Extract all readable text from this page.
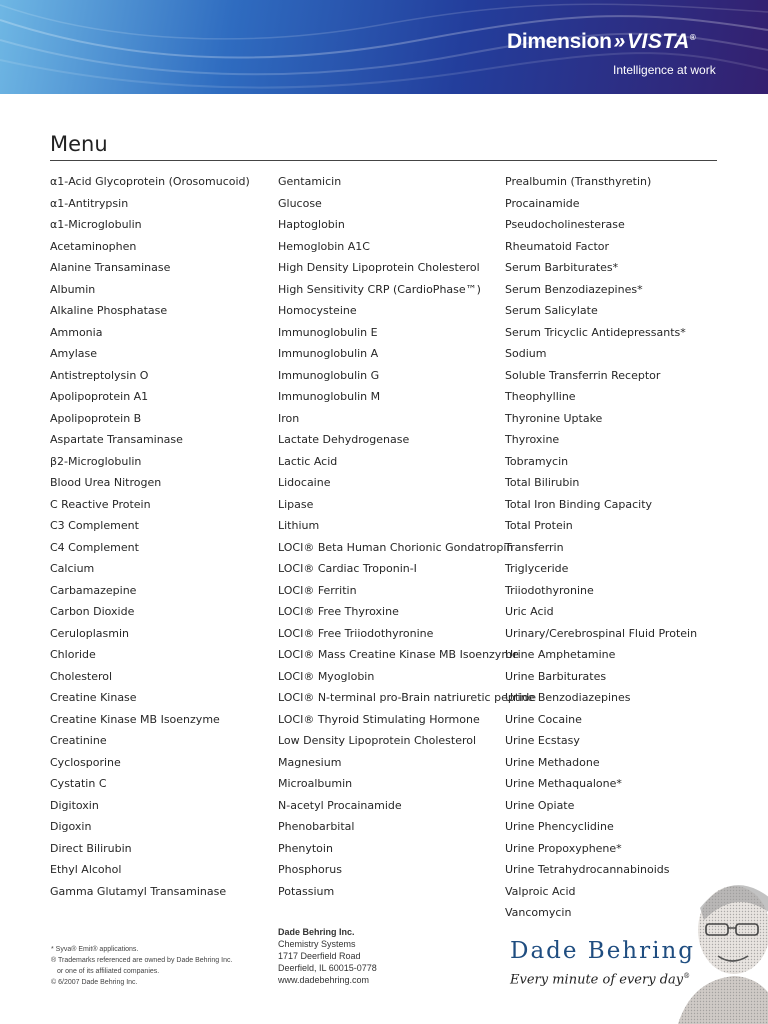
Dimension»VISTA®
Intelligence at work
Menu
α1-Acid Glycoprotein (Orosomucoid)
α1-Antitrypsin
α1-Microglobulin
Acetaminophen
Alanine Transaminase
Albumin
Alkaline Phosphatase
Ammonia
Amylase
Antistreptolysin O
Apolipoprotein A1
Apolipoprotein B
Aspartate Transaminase
β2-Microglobulin
Blood Urea Nitrogen
C Reactive Protein
C3 Complement
C4 Complement
Calcium
Carbamazepine
Carbon Dioxide
Ceruloplasmin
Chloride
Cholesterol
Creatine Kinase
Creatine Kinase MB Isoenzyme
Creatinine
Cyclosporine
Cystatin C
Digitoxin
Digoxin
Direct Bilirubin
Ethyl Alcohol
Gamma Glutamyl Transaminase
Gentamicin
Glucose
Haptoglobin
Hemoglobin A1C
High Density Lipoprotein Cholesterol
High Sensitivity CRP (CardioPhase™)
Homocysteine
Immunoglobulin E
Immunoglobulin A
Immunoglobulin G
Immunoglobulin M
Iron
Lactate Dehydrogenase
Lactic Acid
Lidocaine
Lipase
Lithium
LOCI® Beta Human Chorionic Gondatropin
LOCI® Cardiac Troponin-I
LOCI® Ferritin
LOCI® Free Thyroxine
LOCI® Free Triiodothyronine
LOCI® Mass Creatine Kinase MB Isoenzyme
LOCI® Myoglobin
LOCI® N-terminal pro-Brain natriuretic peptide
LOCI® Thyroid Stimulating Hormone
Low Density Lipoprotein Cholesterol
Magnesium
Microalbumin
N-acetyl Procainamide
Phenobarbital
Phenytoin
Phosphorus
Potassium
Prealbumin (Transthyretin)
Procainamide
Pseudocholinesterase
Rheumatoid Factor
Serum Barbiturates*
Serum Benzodiazepines*
Serum Salicylate
Serum Tricyclic Antidepressants*
Sodium
Soluble Transferrin Receptor
Theophylline
Thyronine Uptake
Thyroxine
Tobramycin
Total Bilirubin
Total Iron Binding Capacity
Total Protein
Transferrin
Triglyceride
Triiodothyronine
Uric Acid
Urinary/Cerebrospinal Fluid Protein
Urine Amphetamine
Urine Barbiturates
Urine Benzodiazepines
Urine Cocaine
Urine Ecstasy
Urine Methadone
Urine Methaqualone*
Urine Opiate
Urine Phencyclidine
Urine Propoxyphene*
Urine Tetrahydrocannabinoids
Valproic Acid
Vancomycin
* Syva® Emit® applications.
® Trademarks referenced are owned by Dade Behring Inc.
or one of its affiliated companies.
© 6/2007 Dade Behring Inc.
Dade Behring Inc.
Chemistry Systems
1717 Deerfield Road
Deerfield, IL 60015-0778
www.dadebehring.com
Dade Behring
Every minute of every day®
